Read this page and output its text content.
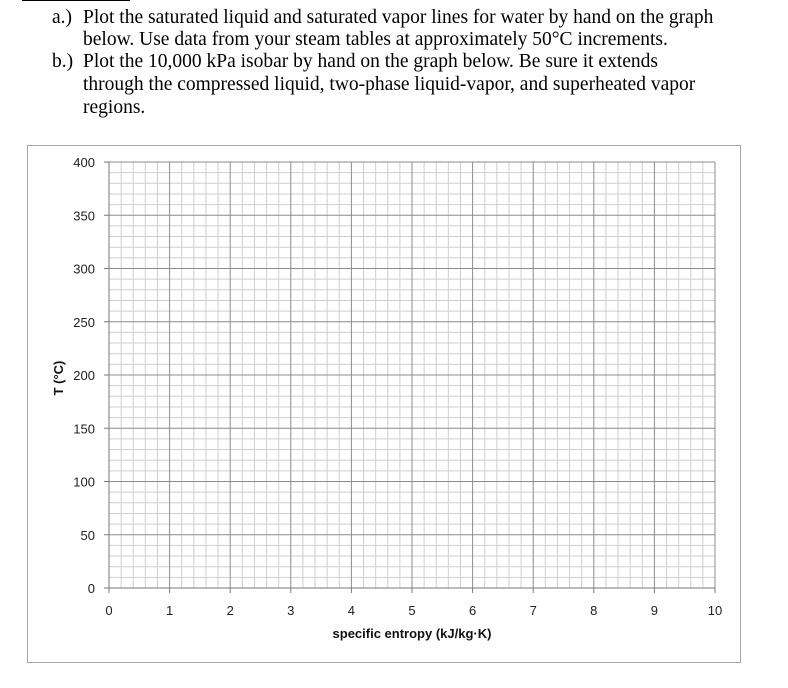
a.) Plot the saturated liquid and saturated vapor lines for water by hand on the graph
below. Use data from your steam tables at approximately 50°C increments.
b.) Plot the 10,000 kPa isobar by hand on the graph below. Be sure it extends
through the compressed liquid, two-phase liquid-vapor, and superheated vapor
regions.
0	1	2	3	4	5	6	7	8	9	10
0
50
100
150
200
250
300
350
400
specific entropy (kJ/kg·K)
T (°C)
